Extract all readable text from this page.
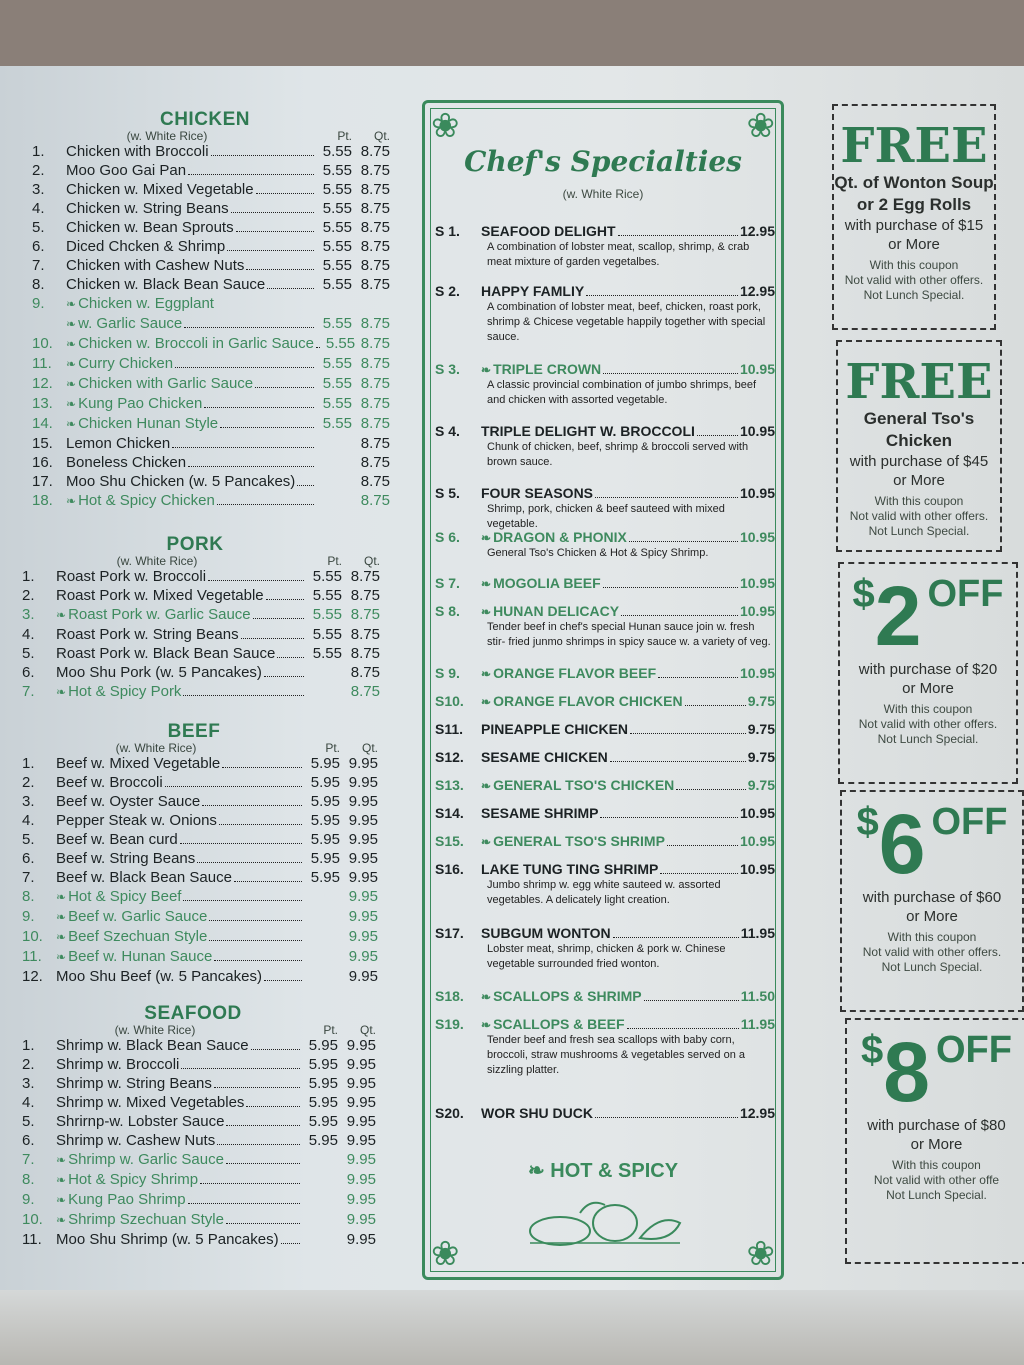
CHICKEN
(w. White Rice)	Pt.	Qt.
1.	Chicken with Broccoli	5.55 8.75
2.	Moo Goo Gai Pan	5.55 8.75
3.	Chicken w. Mixed Vegetable	5.55 8.75
4.	Chicken w. String Beans	5.55 8.75
5.	Chicken w. Bean Sprouts	5.55 8.75
6.	Diced Chcken & Shrimp	5.55 8.75
7.	Chicken with Cashew Nuts	5.55 8.75
8.	Chicken w. Black Bean Sauce	5.55 8.75
9.	❧ Chicken w. Eggplant
❧ w. Garlic Sauce	5.55 8.75
10.	❧ Chicken w. Broccoli in Garlic Sauce 5.55 8.75
11.	❧ Curry Chicken	5.55 8.75
12.	❧ Chicken with Garlic Sauce	5.55 8.75
13.	❧ Kung Pao Chicken	5.55 8.75
14.	❧ Chicken Hunan Style	5.55 8.75
15. Lemon Chicken	8.75
16. Boneless Chicken	8.75
17. Moo Shu Chicken (w. 5 Pancakes)	8.75
18.	❧ Hot & Spicy Chicken	8.75
PORK
(w. White Rice)	Pt.	Qt.
1.	Roast Pork w. Broccoli	5.55 8.75
2.	Roast Pork w. Mixed Vegetable	5.55 8.75
3.	❧ Roast Pork w. Garlic Sauce	5.55 8.75
4.	Roast Pork w. String Beans	5.55 8.75
5.	Roast Pork w. Black Bean Sauce	5.55 8.75
6.	Moo Shu Pork (w. 5 Pancakes)	8.75
7.	❧ Hot & Spicy Pork	8.75
BEEF
(w. White Rice)	Pt.	Qt.
1.	Beef w. Mixed Vegetable	5.95 9.95
2.	Beef w. Broccoli	5.95 9.95
3.	Beef w. Oyster Sauce	5.95 9.95
4.	Pepper Steak w. Onions	5.95 9.95
5.	Beef w. Bean curd	5.95 9.95
6.	Beef w. String Beans	5.95 9.95
7.	Beef w. Black Bean Sauce	5.95 9.95
8.	❧ Hot & Spicy Beef	9.95
9.	❧ Beef w. Garlic Sauce	9.95
10.	❧ Beef Szechuan Style	9.95
11.	❧ Beef w. Hunan Sauce	9.95
12. Moo Shu Beef (w. 5 Pancakes)	9.95
SEAFOOD
(w. White Rice)	Pt.	Qt.
1.	Shrimp w. Black Bean Sauce	5.95 9.95
2.	Shrimp w. Broccoli	5.95 9.95
3.	Shrimp w. String Beans	5.95 9.95
4.	Shrimp w. Mixed Vegetables	5.95 9.95
5.	Shrirnp-w. Lobster Sauce	5.95 9.95
6.	Shrimp w. Cashew Nuts	5.95 9.95
7.	❧ Shrimp w. Garlic Sauce	9.95
8.	❧ Hot & Spicy Shrimp	9.95
9.	❧ Kung Pao Shrimp	9.95
10.	❧ Shrimp Szechuan Style	9.95
11. Moo Shu Shrimp (w. 5 Pancakes)	9.95
❀	❀
❀	❀
Chef's Specialties
(w. White Rice)
S 1.	SEAFOOD DELIGHT	12.95
A combination of lobster meat, scallop, shrimp, & crab meat mixture of garden vegetalbes.
S 2.	HAPPY FAMLIY	12.95
A combination of lobster meat, beef, chicken, roast pork, shrimp & Chicese vegetable happily together with special sauce.
S 3.	❧ TRIPLE CROWN	10.95
A classic provincial combination of jumbo shrimps, beef and chicken with assorted vegetable.
S 4.	TRIPLE DELIGHT W. BROCCOLI	10.95
Chunk of chicken, beef, shrimp & broccoli served with brown sauce.
S 5.	FOUR SEASONS	10.95
Shrimp, pork, chicken & beef sauteed with mixed vegetable.
S 6.	❧ DRAGON & PHONIX	10.95
General Tso's Chicken & Hot & Spicy Shrimp.
S 7.	❧ MOGOLIA BEEF	10.95
S 8.	❧ HUNAN DELICACY	10.95
Tender beef in chef's special Hunan sauce join w. fresh stir- fried junmo shrimps in spicy sauce w. a variety of veg.
S 9.	❧ ORANGE FLAVOR BEEF	10.95
S10.	❧ ORANGE FLAVOR CHICKEN	9.75
S11.	PINEAPPLE CHICKEN	9.75
S12.	SESAME CHICKEN	9.75
S13.	❧ GENERAL TSO'S CHICKEN	9.75
S14.	SESAME SHRIMP	10.95
S15.	❧ GENERAL TSO'S SHRIMP	10.95
S16.	LAKE TUNG TING SHRIMP	10.95
Jumbo shrimp w. egg white sauteed w. assorted vegetables. A delicately light creation.
S17.	SUBGUM WONTON	11.95
Lobster meat, shrimp, chicken & pork w. Chinese vegetable surrounded fried wonton.
S18.	❧ SCALLOPS & SHRIMP	11.50
S19.	❧ SCALLOPS & BEEF	11.95
Tender beef and fresh sea scallops with baby corn, broccoli, straw mushrooms & vegetables served on a sizzling platter.
S20.	WOR SHU DUCK	12.95
❧ HOT & SPICY
FREE
Qt. of Wonton Soup
or 2 Egg Rolls
with purchase of $15
or More
With this coupon
Not valid with other offers.
Not Lunch Special.
FREE
General Tso's
Chicken
with purchase of $45
or More
With this coupon
Not valid with other offers.
Not Lunch Special.
$ 2 OFF
with purchase of $20
or More
With this coupon
Not valid with other offers.
Not Lunch Special.
$ 6 OFF
with purchase of $60
or More
With this coupon
Not valid with other offers.
Not Lunch Special.
$ 8 OFF
with purchase of $80
or More
With this coupon
Not valid with other offe
Not Lunch Special.
